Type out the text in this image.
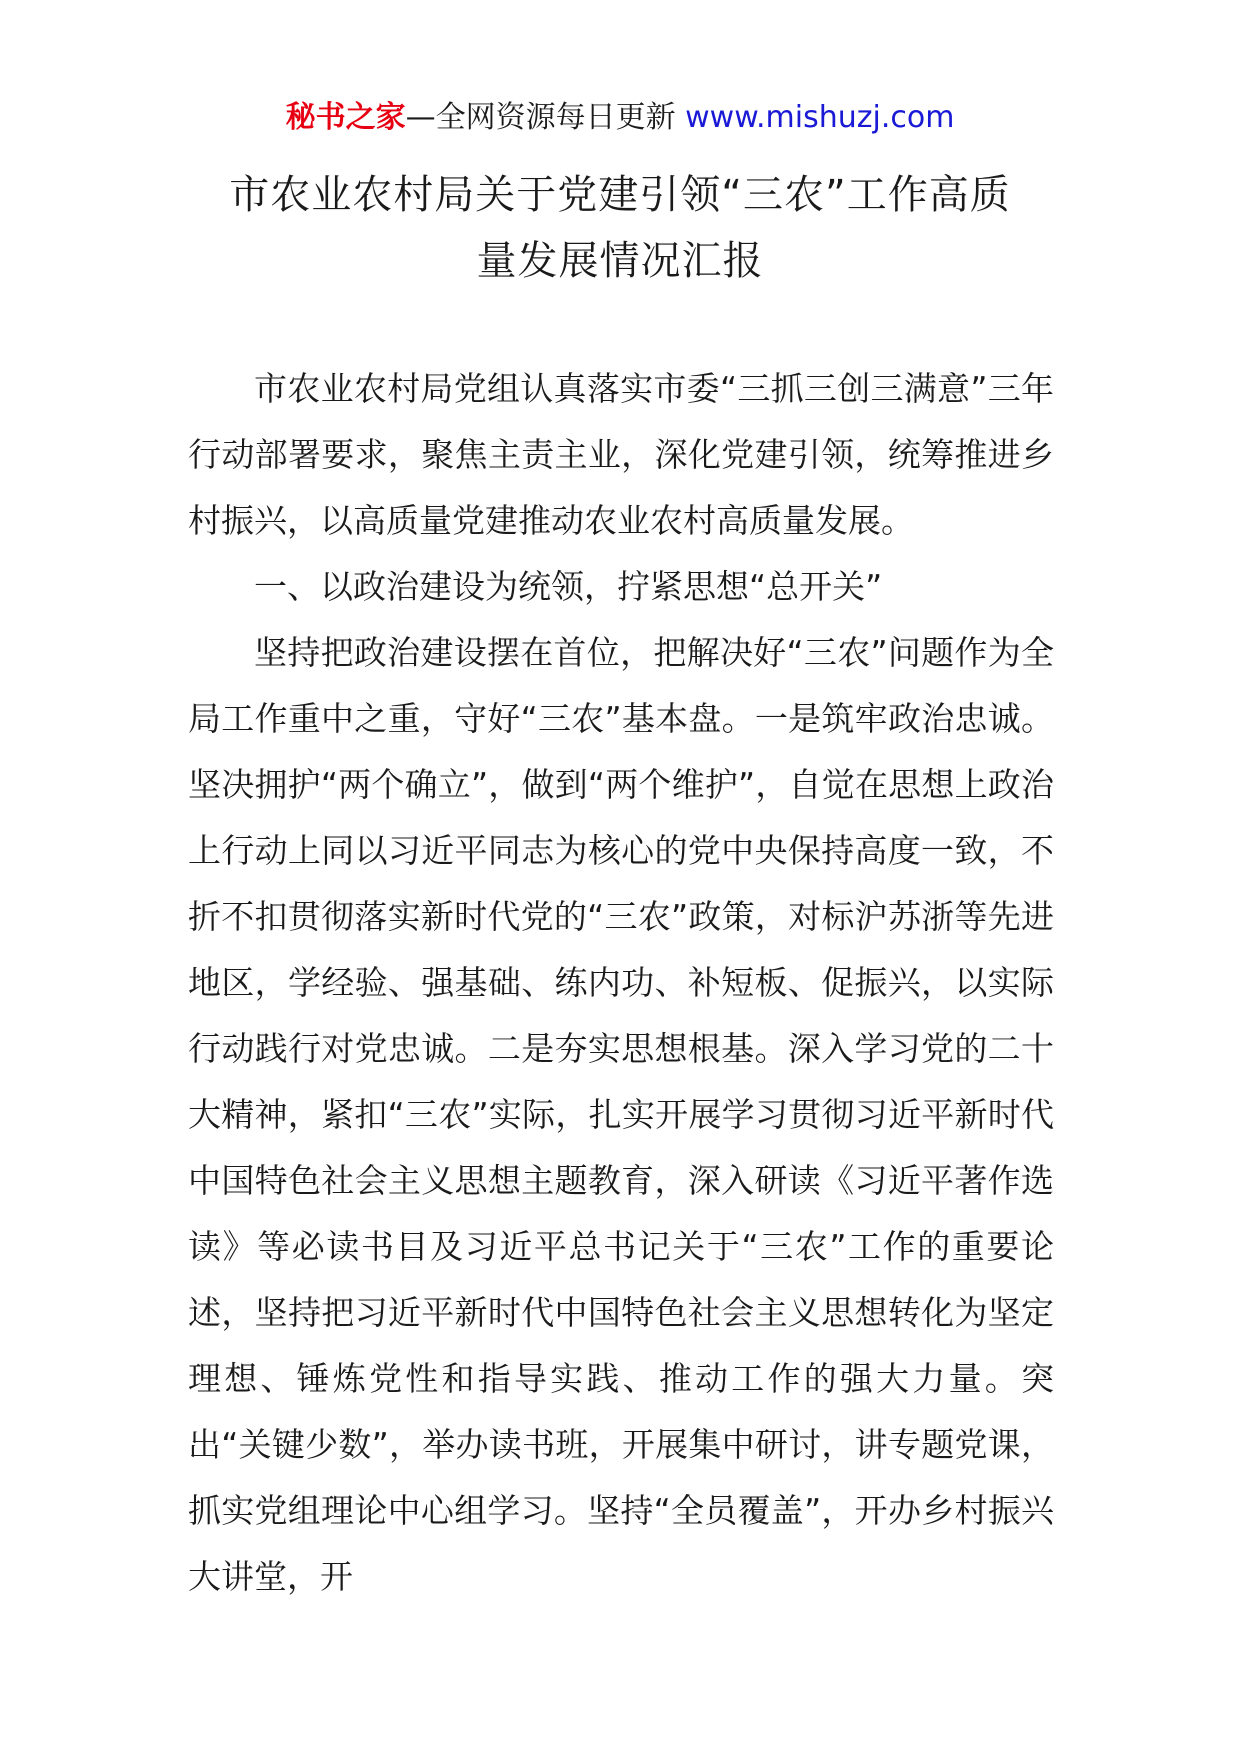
秘书之家—全网资源每日更新 www.mishuzj.com
市农业农村局关于党建引领“三农”工作高质
量发展情况汇报

市农业农村局党组认真落实市委“三抓三创三满意”三年行动部署要求，聚焦主责主业，深化党建引领，统筹推进乡村振兴，以高质量党建推动农业农村高质量发展。

一、以政治建设为统领，拧紧思想“总开关”

坚持把政治建设摆在首位，把解决好“三农”问题作为全局工作重中之重，守好“三农”基本盘。一是筑牢政治忠诚。坚决拥护“两个确立”，做到“两个维护”，自觉在思想上政治上行动上同以习近平同志为核心的党中央保持高度一致，不折不扣贯彻落实新时代党的“三农”政策，对标沪苏浙等先进地区，学经验、强基础、练内功、补短板、促振兴，以实际行动践行对党忠诚。二是夯实思想根基。深入学习党的二十大精神，紧扣“三农”实际，扎实开展学习贯彻习近平新时代中国特色社会主义思想主题教育，深入研读《习近平著作选读》等必读书目及习近平总书记关于“三农”工作的重要论述，坚持把习近平新时代中国特色社会主义思想转化为坚定理想、锤炼党性和指导实践、推动工作的强大力量。突出“关键少数”，举办读书班，开展集中研讨，讲专题党课，抓实党组理论中心组学习。坚持“全员覆盖”，开办乡村振兴大讲堂，开
